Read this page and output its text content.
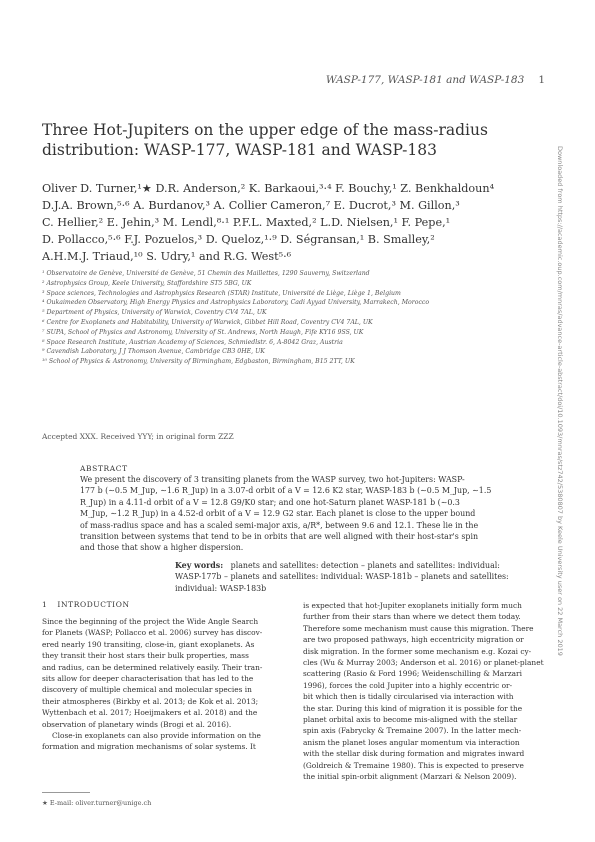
WASP-177, WASP-181 and WASP-183 1
Three Hot-Jupiters on the upper edge of the mass-radius
distribution: WASP-177, WASP-181 and WASP-183

Oliver D. Turner,¹★ D.R. Anderson,² K. Barkaoui,³·⁴ F. Bouchy,¹ Z. Benkhaldoun⁴

D.J.A. Brown,⁵·⁶ A. Burdanov,³ A. Collier Cameron,⁷ E. Ducrot,³ M. Gillon,³

C. Hellier,² E. Jehin,³ M. Lendl,⁸·¹ P.F.L. Maxted,² L.D. Nielsen,¹ F. Pepe,¹

D. Pollacco,⁵·⁶ F.J. Pozuelos,³ D. Queloz,¹·⁹ D. Ségransan,¹ B. Smalley,²

A.H.M.J. Triaud,¹⁰ S. Udry,¹ and R.G. West⁵·⁶

¹ Observatoire de Genève, Université de Genève, 51 Chemin des Maillettes, 1290 Sauverny, Switzerland

² Astrophysics Group, Keele University, Staffordshire ST5 5BG, UK

³ Space sciences, Technologies and Astrophysics Research (STAR) Institute, Université de Liège, Liège 1, Belgium

⁴ Oukaimeden Observatory, High Energy Physics and Astrophysics Laboratory, Cadi Ayyad University, Marrakech, Morocco

⁵ Department of Physics, University of Warwick, Coventry CV4 7AL, UK

⁶ Centre for Exoplanets and Habitability, University of Warwick, Gibbet Hill Road, Coventry CV4 7AL, UK

⁷ SUPA, School of Physics and Astronomy, University of St. Andrews, North Haugh, Fife KY16 9SS, UK

⁸ Space Research Institute, Austrian Academy of Sciences, Schmiedlstr. 6, A-8042 Graz, Austria

⁹ Cavendish Laboratory, J J Thomson Avenue, Cambridge CB3 0HE, UK

¹⁰ School of Physics & Astronomy, University of Birmingham, Edgbaston, Birmingham, B15 2TT, UK

Accepted XXX. Received YYY; in original form ZZZ
ABSTRACT

We present the discovery of 3 transiting planets from the WASP survey, two hot-Jupiters: WASP-

177 b (∼0.5 M_Jup, ∼1.6 R_Jup) in a 3.07-d orbit of a V = 12.6 K2 star, WASP-183 b (∼0.5 M_Jup, ∼1.5

R_Jup) in a 4.11-d orbit of a V = 12.8 G9/K0 star; and one hot-Saturn planet WASP-181 b (∼0.3

M_Jup, ∼1.2 R_Jup) in a 4.52-d orbit of a V = 12.9 G2 star. Each planet is close to the upper bound

of mass-radius space and has a scaled semi-major axis, a/R*, between 9.6 and 12.1. These lie in the

transition between systems that tend to be in orbits that are well aligned with their host-star's spin

and those that show a higher dispersion.

Key words: planets and satellites: detection – planets and satellites: individual:

WASP-177b – planets and satellites: individual: WASP-181b – planets and satellites:

individual: WASP-183b

1 INTRODUCTION

Since the beginning of the project the Wide Angle Search

for Planets (WASP; Pollacco et al. 2006) survey has discov-

ered nearly 190 transiting, close-in, giant exoplanets. As

they transit their host stars their bulk properties, mass

and radius, can be determined relatively easily. Their tran-

sits allow for deeper characterisation that has led to the

discovery of multiple chemical and molecular species in

their atmospheres (Birkby et al. 2013; de Kok et al. 2013;

Wyttenbach et al. 2017; Hoeijmakers et al. 2018) and the

observation of planetary winds (Brogi et al. 2016).

Close-in exoplanets can also provide information on the

formation and migration mechanisms of solar systems. It

is expected that hot-Jupiter exoplanets initially form much

further from their stars than where we detect them today.

Therefore some mechanism must cause this migration. There

are two proposed pathways, high eccentricity migration or

disk migration. In the former some mechanism e.g. Kozai cy-

cles (Wu & Murray 2003; Anderson et al. 2016) or planet-planet

scattering (Rasio & Ford 1996; Weidenschilling & Marzari

1996), forces the cold Jupiter into a highly eccentric or-

bit which then is tidally circularised via interaction with

the star. During this kind of migration it is possible for the

planet orbital axis to become mis-aligned with the stellar

spin axis (Fabrycky & Tremaine 2007). In the latter mech-

anism the planet loses angular momentum via interaction

with the stellar disk during formation and migrates inward

(Goldreich & Tremaine 1980). This is expected to preserve

the initial spin-orbit alignment (Marzari & Nelson 2009).

★ E-mail: oliver.turner@unige.ch
Downloaded from https://academic.oup.com/mnras/advance-article-abstract/doi/10.1093/mnras/stz742/5380807 by Keele University user on 22 March 2019
